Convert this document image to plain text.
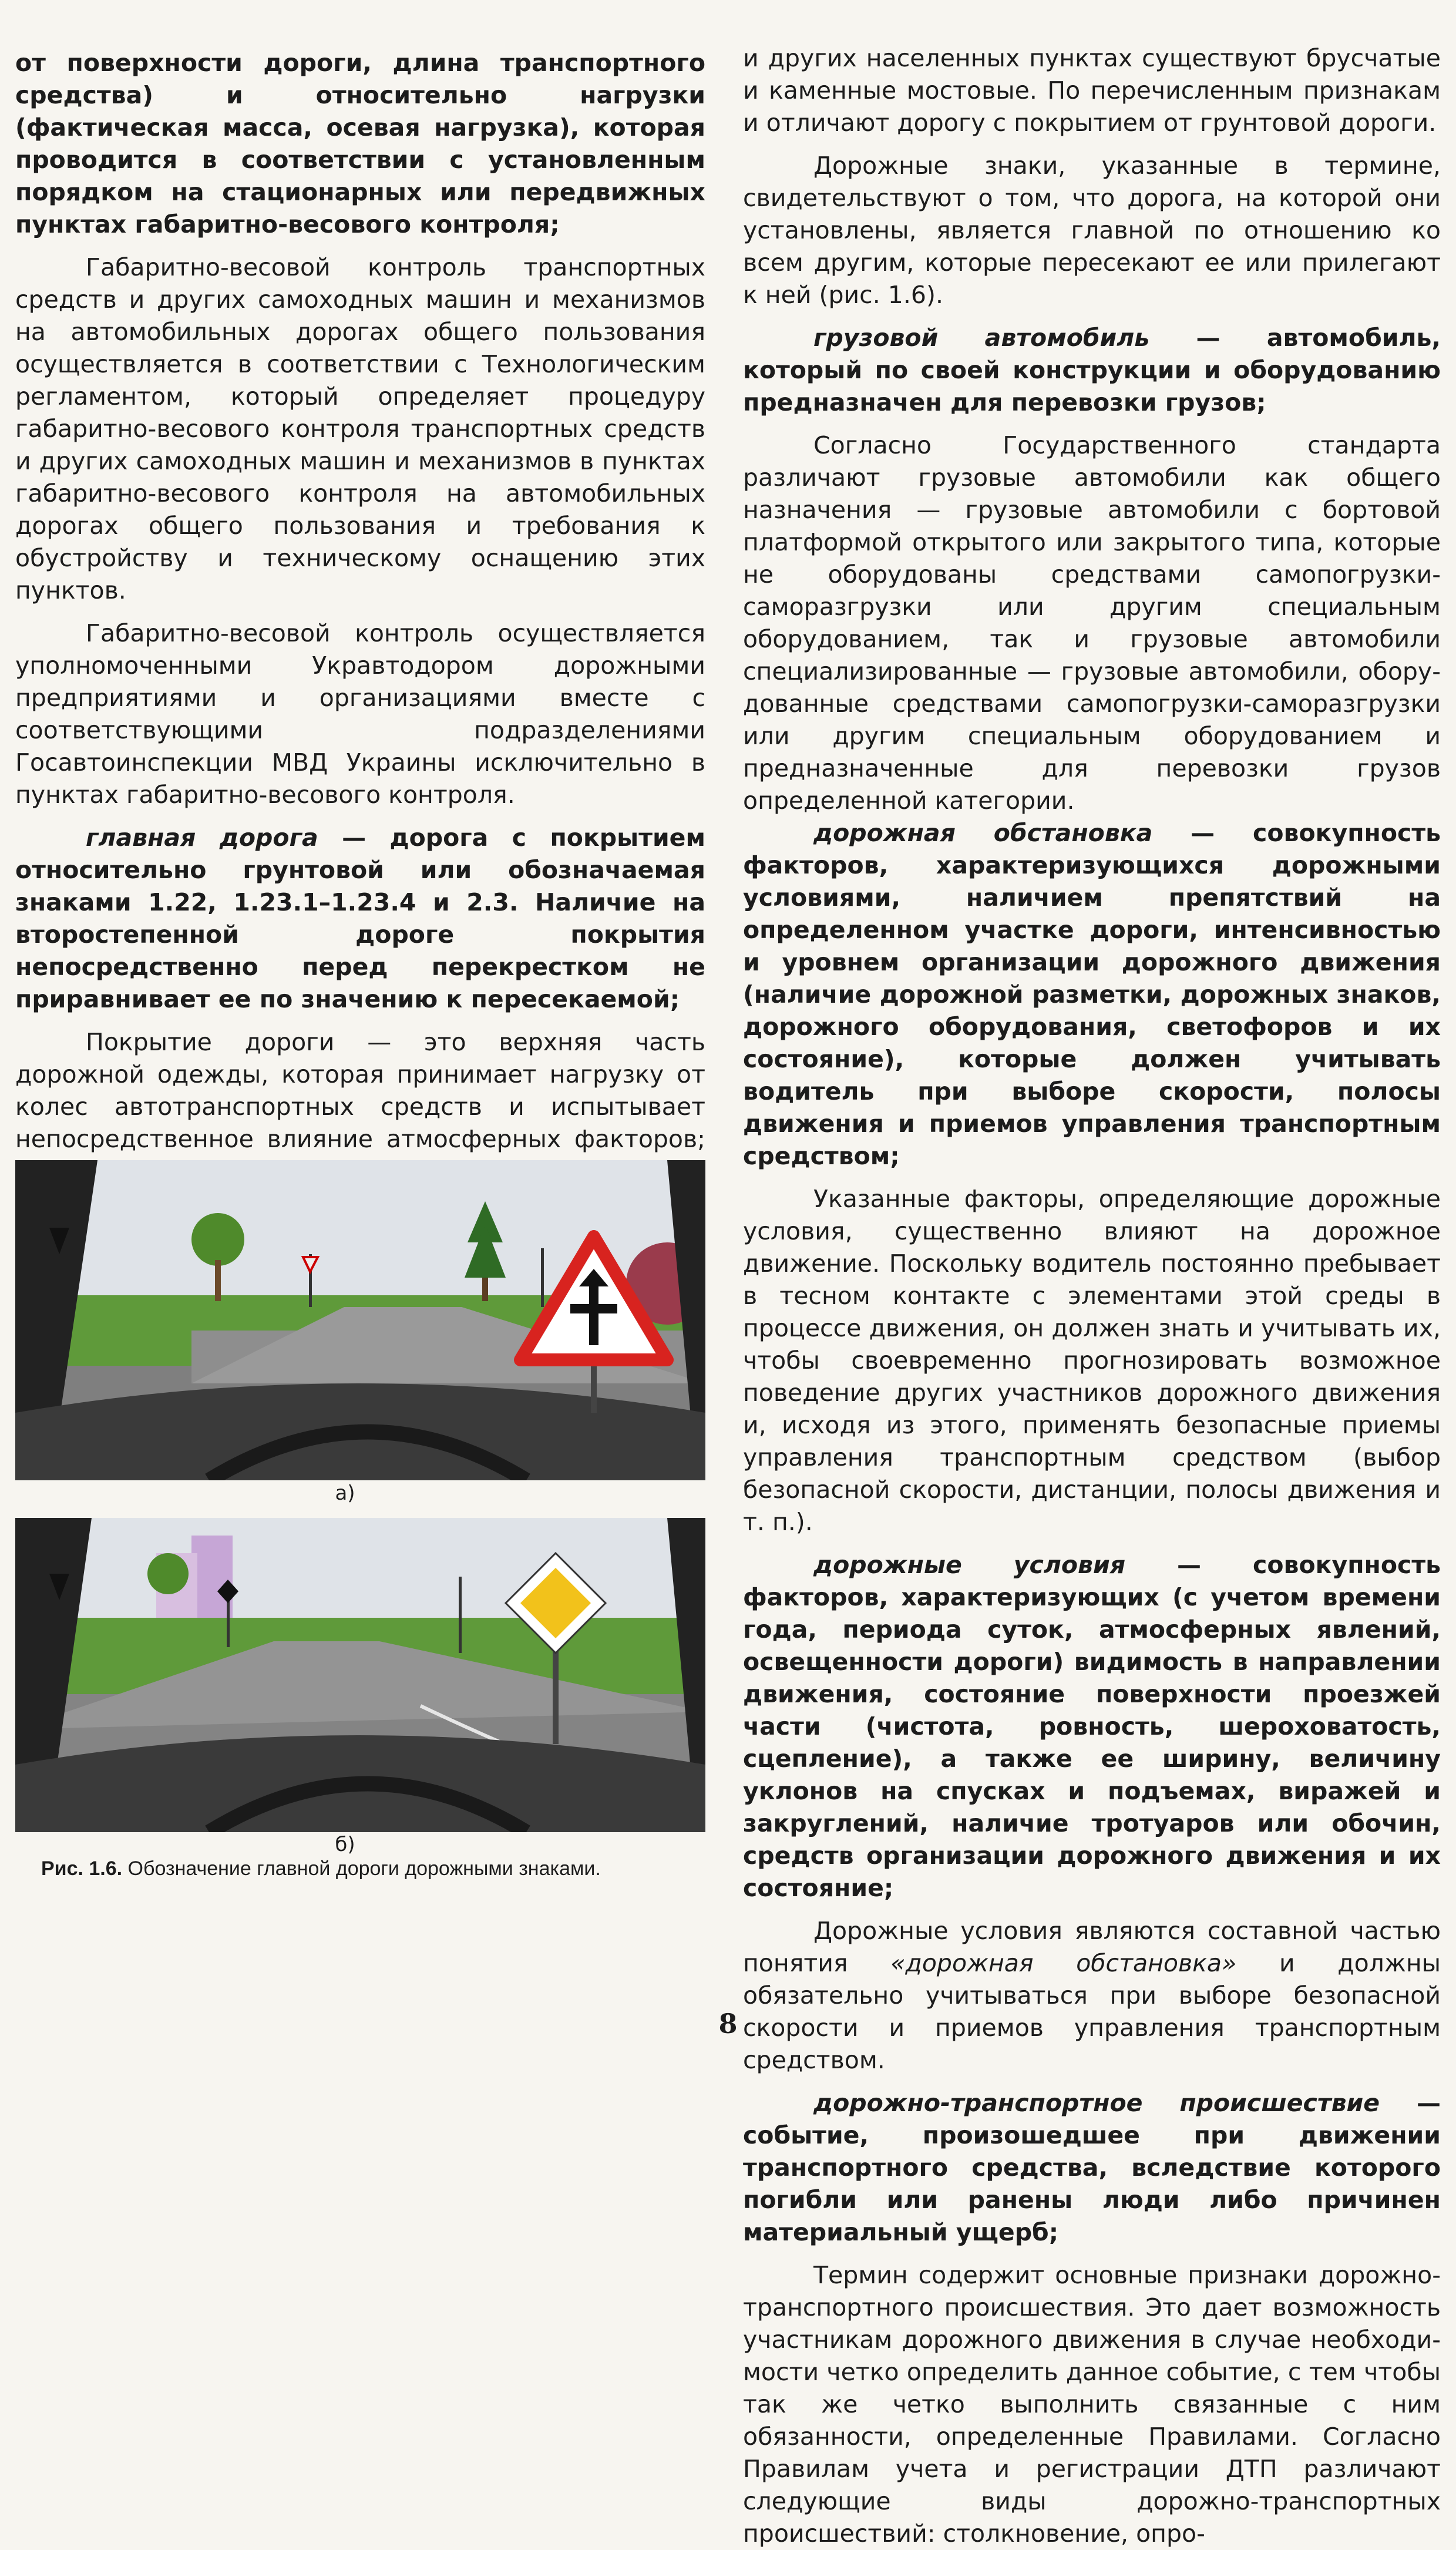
от поверхности дороги, длина транспортного средства) и относительно нагрузки (фактическая масса, осевая нагрузка), которая проводится в соответствии с установленным порядком на стационарных или передвижных пунктах габаритно-весового контроля;

Габаритно-весовой контроль транспортных средств и других самоходных машин и механизмов на автомобильных дорогах общего пользования осуществляется в соответствии с Технологическим регламентом, который определяет процедуру габаритно-весового контроля транспортных средств и других самоходных машин и механизмов в пунктах габаритно-весового контроля на автомобильных дорогах общего пользования и требования к обустройству и техническому оснащению этих пунктов.

Габаритно-весовой контроль осуществляется уполномоченными Укравтодором дорожными предприятиями и организациями вместе с соответствующими подразделениями Госавтоинспекции МВД Украины исключительно в пунктах габаритно-весового контроля.

главная дорога — дорога с покрытием относительно грунтовой или обозначаемая знаками 1.22, 1.23.1–1.23.4 и 2.3. Наличие на второстепенной дороге покрытия непосредственно перед перекрестком не приравнивает ее по значению к пересекаемой;

Покрытие дороги — это верхняя часть дорожной одежды, которая принимает нагрузку от колес автотранспортных средств и испытывает непосредственное влияние атмосферных факторов;

а)
б)
Рис. 1.6. Обозначение главной дороги дорожными знаками.

и других населенных пунктах существуют брусчатые и каменные мостовые. По перечисленным признакам и отличают дорогу с покрытием от грунтовой дороги.

Дорожные знаки, указанные в термине, свидетельствуют о том, что дорога, на которой они установлены, является главной по отношению ко всем другим, которые пересекают ее или прилегают к ней (рис. 1.6).

грузовой автомобиль — автомобиль, который по своей конструкции и оборудованию предназначен для перевозки грузов;

Согласно Государственного стандарта различают грузовые автомобили как общего назначения — грузовые автомобили с бортовой платформой открытого или закрытого типа, которые не оборудованы средствами самопогрузки-саморазгрузки или другим специальным оборудованием, так и грузовые автомобили специализированные — грузовые автомобили, оборудованные средствами самопогрузки-саморазгрузки или другим специальным оборудованием и предназначенные для перевозки грузов определенной категории.

дорожная обстановка — совокупность факторов, характеризующихся дорожными условиями, наличием препятствий на определенном участке дороги, интенсивностью и уровнем организации дорожного движения (наличие дорожной разметки, дорожных знаков, дорожного оборудования, светофоров и их состояние), которые должен учитывать водитель при выборе скорости, полосы движения и приемов управления транспортным средством;

Указанные факторы, определяющие дорожные условия, существенно влияют на дорожное движение. Поскольку водитель постоянно пребывает в тесном контакте с элементами этой среды в процессе движения, он должен знать и учитывать их, чтобы своевременно прогнозировать возможное поведение других участников дорожного движения и, исходя из этого, применять безопасные приемы управления транспортным средством (выбор безопасной скорости, дистанции, полосы движения и т. п.).

дорожные условия — совокупность факторов, характеризующих (с учетом времени года, периода суток, атмосферных явлений, освещенности дороги) видимость в направлении движения, состояние поверхности проезжей части (чистота, ровность, шероховатость, сцепление), а также ее ширину, величину уклонов на спусках и подъемах, виражей и закруглений, наличие тротуаров или обочин, средств организации дорожного движения и их состояние;

Дорожные условия являются составной частью понятия «дорожная обстановка» и должны обязательно учитываться при выборе безопасной скорости и приемов управления транспортным средством.

дорожно-транспортное происшествие — событие, произошедшее при движении транспортного средства, вследствие которого погибли или ранены люди либо причинен материальный ущерб;

Термин содержит основные признаки дорожно-транспортного происшествия. Это дает возможность участникам дорожного движения в случае необходимости четко определить данное событие, с тем чтобы так же четко выполнить связанные с ним обязанности, определенные Правилами. Согласно Правилам учета и регистрации ДТП различают следующие виды дорожно-транспортных происшествий: столкновение, опро-

8
